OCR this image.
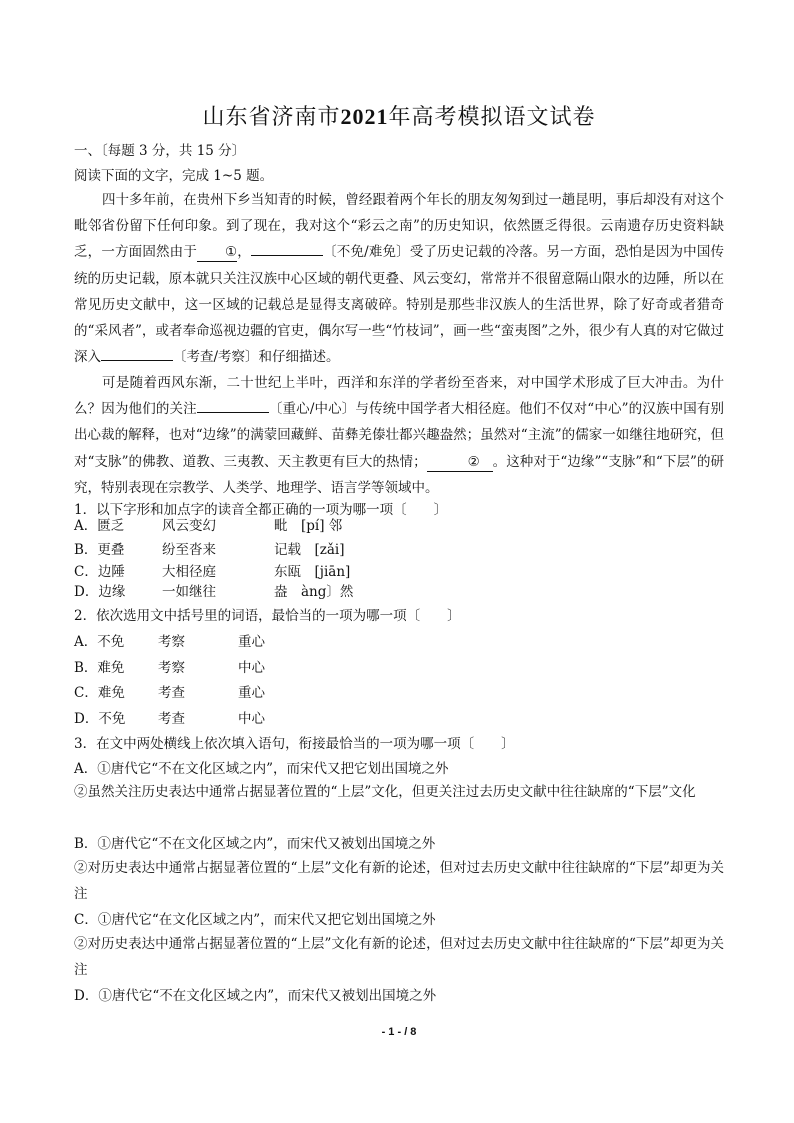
山东省济南市2021年高考模拟语文试卷
一、〔每题 3 分，共 15 分〕
阅读下面的文字，完成 1~5 题。

四十多年前，在贵州下乡当知青的时候，曾经跟着两个年长的朋友匆匆到过一趟昆明，事后却没有对这个毗邻省份留下任何印象。到了现在，我对这个“彩云之南”的历史知识，依然匮乏得很。云南遗存历史资料缺乏，一方面固然由于 ①，	〔不免/难免〕受了历史记载的冷落。另一方面，恐怕是因为中国传统的历史记载，原本就只关注汉族中心区域的朝代更叠、风云变幻，常常并不很留意隔山限水的边陲，所以在常见历史文献中，这一区域的记载总是显得支离破碎。特别是那些非汉族人的生活世界，除了好奇或者猎奇的“采风者”，或者奉命巡视边疆的官吏，偶尔写一些“竹枝词”，画一些“蛮夷图”之外，很少有人真的对它做过深入	〔考查/考察〕和仔细描述。

可是随着西风东渐，二十世纪上半叶，西洋和东洋的学者纷至沓来，对中国学术形成了巨大冲击。为什么？因为他们的关注	〔重心/中心〕与传统中国学者大相径庭。他们不仅对“中心”的汉族中国有别出心裁的解释，也对“边缘”的满蒙回藏鲜、苗彝羌傣壮都兴趣盎然；虽然对“主流”的儒家一如继往地研究，但对“支脉”的佛教、道教、三夷教、天主教更有巨大的热情；	② 。这种对于“边缘”“支脉”和“下层”的研究，特别表现在宗教学、人类学、地理学、语言学等领域中。

1．以下字形和加点字的读音全都正确的一项为哪一项〔　　〕
A．匮乏	风云变幻	毗　[pí] 邻
B．更叠	纷至沓来	记载　[zǎi]
C．边陲	大相径庭	东瓯　[jiān]
D．边缘	一如继往	盎　àng〕然
2．依次选用文中括号里的词语，最恰当的一项为哪一项〔　　〕
A．不免	考察	重心
B．难免 考察	中心
C．难免 考查	重心
D．不免 考查	中心
3．在文中两处横线上依次填入语句，衔接最恰当的一项为哪一项〔　　〕
A．①唐代它“不在文化区域之内”，而宋代又把它划出国境之外

②虽然关注历史表达中通常占据显著位置的“上层”文化，但更关注过去历史文献中往往缺席的“下层”文化

B．①唐代它“不在文化区域之内”，而宋代又被划出国境之外

②对历史表达中通常占据显著位置的“上层”文化有新的论述，但对过去历史文献中往往缺席的“下层”却更为关注

C．①唐代它“在文化区域之内”，而宋代又把它划出国境之外

②对历史表达中通常占据显著位置的“上层”文化有新的论述，但对过去历史文献中往往缺席的“下层”却更为关注

D．①唐代它“不在文化区域之内”，而宋代又被划出国境之外
- 1 - / 8
